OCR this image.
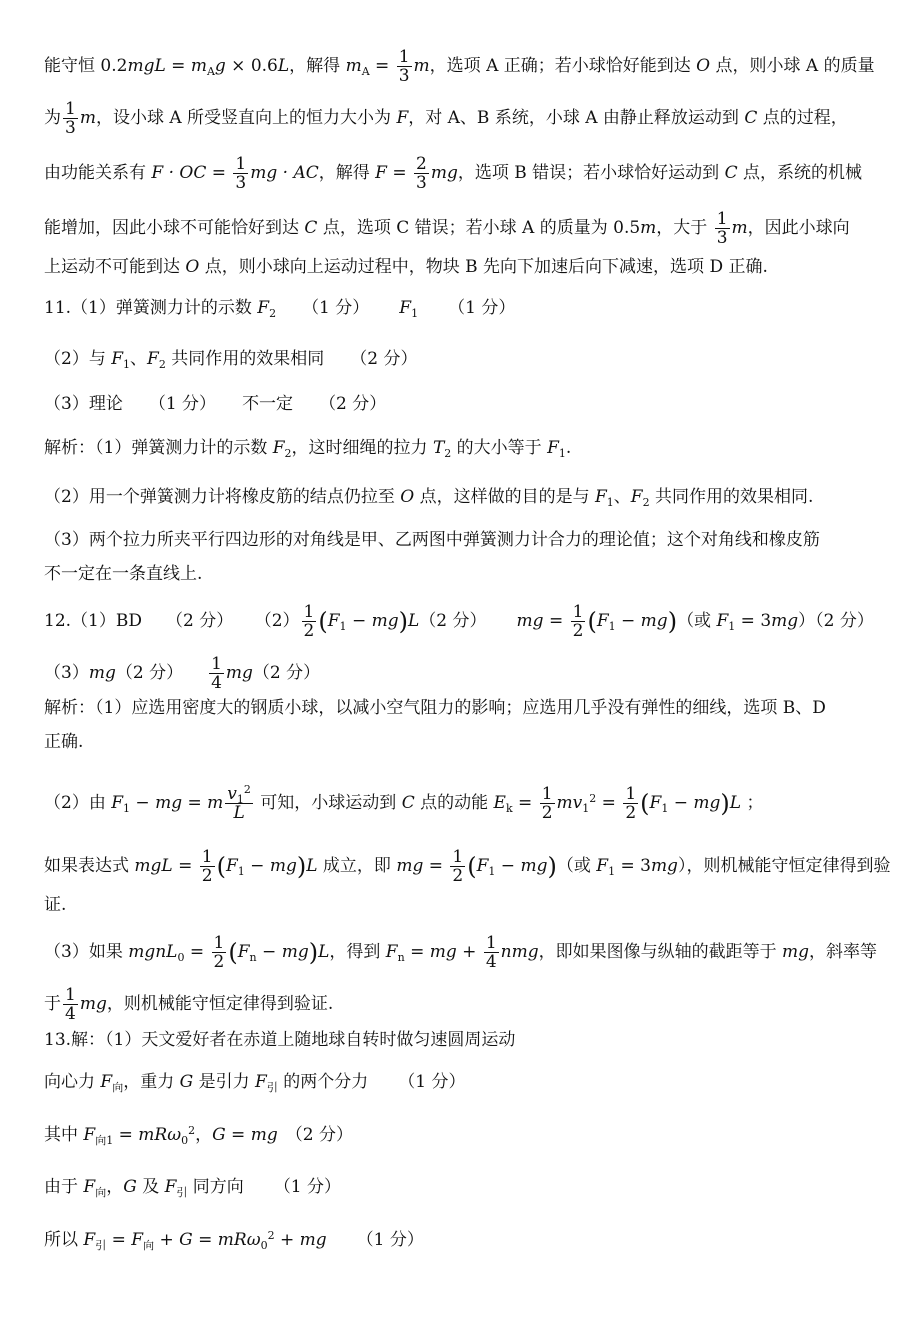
能守恒 $0.2mgL = m_Ag \times 0.6L$，解得 $m_A = \frac{1}{3}$ m，选项 A 正确；若小球恰好能到达 O 点，则小球 A 的质量
为 $\frac{1}{3}$ m，设小球 A 所受竖直向上的恒力大小为 F，对 A、B 系统，小球 A 由静止释放运动到 C 点的过程，
由功能关系有 F · OC = $\frac{1}{3}$ mg · AC，解得 $F = \frac{2}{3}$ mg，选项 B 错误；若小球恰好运动到 C 点，系统的机械
能增加，因此小球不可能恰好到达 C 点，选项 C 错误；若小球 A 的质量为 0.5m，大于 $\frac{1}{3}$ m，因此小球向
上运动不可能到达 O 点，则小球向上运动过程中，物块 B 先向下加速后向下减速，选项 D 正确.
11.（1）弹簧测力计的示数 $F_2$ （1 分） $F_1$ （1 分）
（2）与 $F_1$、$F_2$ 共同作用的效果相同 （2 分）
（3）理论 （1 分） 不一定 （2 分）
解析：（1）弹簧测力计的示数 $F_2$，这时细绳的拉力 $T_2$ 的大小等于 $F_1$.
（2）用一个弹簧测力计将橡皮筋的结点仍拉至 O 点，这样做的目的是与 $F_1$、$F_2$ 共同作用的效果相同.
（3）两个拉力所夹平行四边形的对角线是甲、乙两图中弹簧测力计合力的理论值；这个对角线和橡皮筋
不一定在一条直线上.
12.（1）BD （2 分） $(2) \frac{1}{2} (F_1 - mg)L(2$ 分） mg = $\frac{1}{2} (F_1 - mg)$（或 $F_1 = 3mg)(2$ 分）
（3）mg（2 分） $\frac{1}{4} mg(2$ 分）
解析：（1）应选用密度大的钢质小球，以减小空气阻力的影响；应选用几乎没有弹性的细线，选项 B、D
正确.
（2）由 $F_1$ − mg = m $\frac{v_1^2}{L}$ 可知，小球运动到 C 点的动能 $E_k = \frac{1}{2} mv_1^2 = \frac{1}{2} (F_1 - mg)L$ ；
如果表达式 mgL = $\frac{1}{2} (F_1 - mg)L$ 成立，即 mg = $\frac{1}{2} (F_1 - mg)$（或 $F_1 = 3mg$），则机械能守恒定律得到验
证.
（3）如果 mgnL$_0$ = $\frac{1}{2} (F_n - mg)L$，得到 $F_n$ = mg + $\frac{1}{4}$ nmg，即如果图像与纵轴的截距等于 mg，斜率等
于 $\frac{1}{4}$ mg，则机械能守恒定律得到验证.
13.解：（1）天文爱好者在赤道上随地球自转时做匀速圆周运动
向心力 $F_向$，重力 G 是引力 $F_引$ 的两个分力 （1 分）
其中 $F_{向1} = mR\omega_0^2$，G = mg （2 分）
由于 $F_向$，G 及 $F_引$ 同方向 （1 分）
所以 $F_引 = F_向 + G = mR\omega_0^2$ + mg （1 分）
